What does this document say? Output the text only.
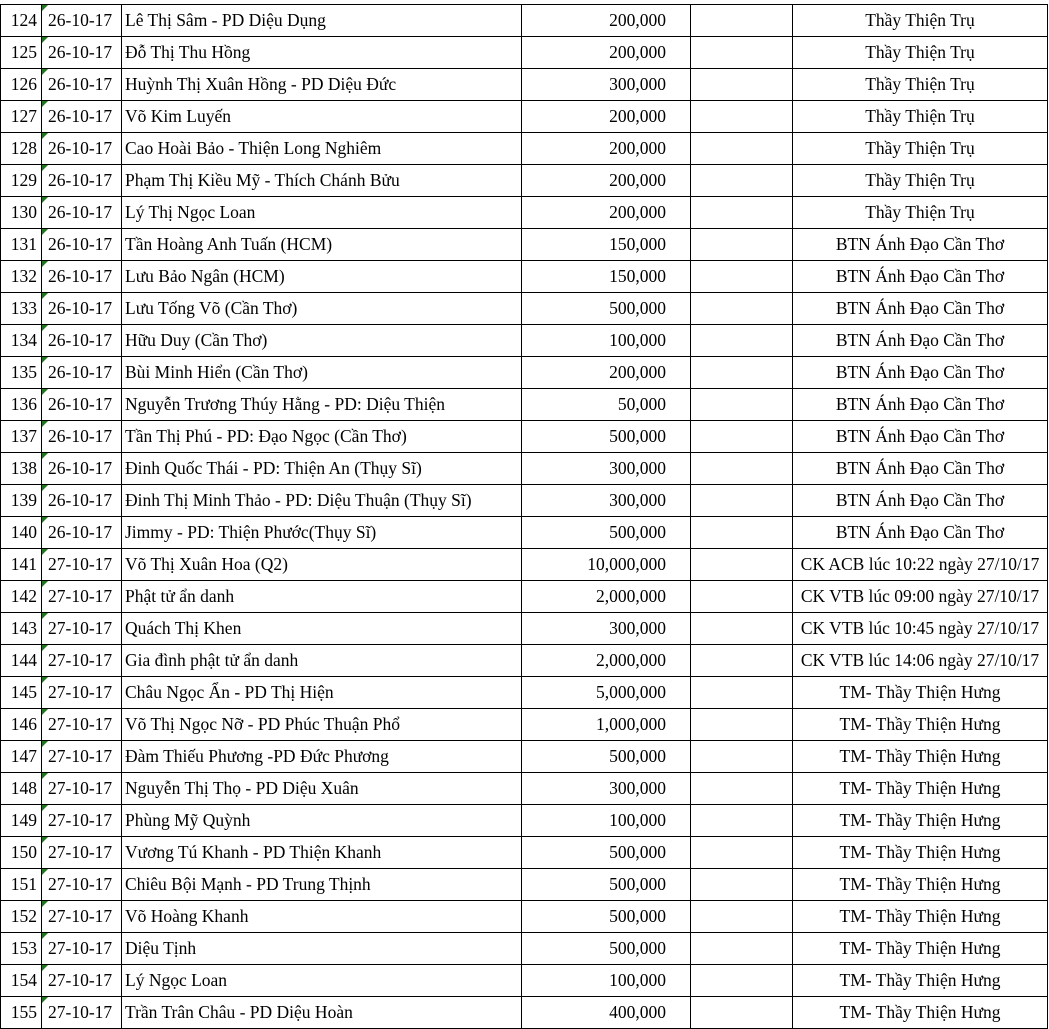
124	26-10-17	Lê Thị Sâm - PD Diệu Dụng	200,000		Thầy Thiện Trụ
125	26-10-17	Đỗ Thị Thu Hồng	200,000		Thầy Thiện Trụ
126	26-10-17	Huỳnh Thị Xuân Hồng - PD Diệu Đức	300,000		Thầy Thiện Trụ
127	26-10-17	Võ Kim Luyến	200,000		Thầy Thiện Trụ
128	26-10-17	Cao Hoài Bảo - Thiện Long Nghiêm	200,000		Thầy Thiện Trụ
129	26-10-17	Phạm Thị Kiều Mỹ - Thích Chánh Bửu	200,000		Thầy Thiện Trụ
130	26-10-17	Lý Thị Ngọc Loan	200,000		Thầy Thiện Trụ
131	26-10-17	Tần Hoàng Anh Tuấn (HCM)	150,000		BTN Ánh Đạo Cần Thơ
132	26-10-17	Lưu Bảo Ngân (HCM)	150,000		BTN Ánh Đạo Cần Thơ
133	26-10-17	Lưu Tống Võ (Cần Thơ)	500,000		BTN Ánh Đạo Cần Thơ
134	26-10-17	Hữu Duy (Cần Thơ)	100,000		BTN Ánh Đạo Cần Thơ
135	26-10-17	Bùi Minh Hiển (Cần Thơ)	200,000		BTN Ánh Đạo Cần Thơ
136	26-10-17	Nguyễn Trương Thúy Hằng - PD: Diệu Thiện	50,000		BTN Ánh Đạo Cần Thơ
137	26-10-17	Tần Thị Phú - PD: Đạo Ngọc (Cần Thơ)	500,000		BTN Ánh Đạo Cần Thơ
138	26-10-17	Đinh Quốc Thái - PD: Thiện An (Thụy Sĩ)	300,000		BTN Ánh Đạo Cần Thơ
139	26-10-17	Đinh Thị Minh Thảo - PD: Diệu Thuận (Thụy Sĩ)	300,000		BTN Ánh Đạo Cần Thơ
140	26-10-17	Jimmy - PD: Thiện Phước(Thụy Sĩ)	500,000		BTN Ánh Đạo Cần Thơ
141	27-10-17	Võ Thị Xuân Hoa (Q2)	10,000,000		CK ACB lúc 10:22 ngày 27/10/17
142	27-10-17	Phật tử ẩn danh	2,000,000		CK VTB lúc 09:00 ngày 27/10/17
143	27-10-17	Quách Thị Khen	300,000		CK VTB lúc 10:45 ngày 27/10/17
144	27-10-17	Gia đình phật tử ẩn danh	2,000,000		CK VTB lúc 14:06 ngày 27/10/17
145	27-10-17	Châu Ngọc Ẩn - PD Thị Hiện	5,000,000		TM- Thầy Thiện Hưng
146	27-10-17	Võ Thị Ngọc Nỡ - PD Phúc Thuận Phổ	1,000,000		TM- Thầy Thiện Hưng
147	27-10-17	Đàm Thiếu Phương -PD Đức Phương	500,000		TM- Thầy Thiện Hưng
148	27-10-17	Nguyễn Thị Thọ - PD Diệu Xuân	300,000		TM- Thầy Thiện Hưng
149	27-10-17	Phùng Mỹ Quỳnh	100,000		TM- Thầy Thiện Hưng
150	27-10-17	Vương Tú Khanh - PD Thiện Khanh	500,000		TM- Thầy Thiện Hưng
151	27-10-17	Chiêu Bội Mạnh - PD Trung Thịnh	500,000		TM- Thầy Thiện Hưng
152	27-10-17	Võ Hoàng Khanh	500,000		TM- Thầy Thiện Hưng
153	27-10-17	Diệu Tịnh	500,000		TM- Thầy Thiện Hưng
154	27-10-17	Lý Ngọc Loan	100,000		TM- Thầy Thiện Hưng
155	27-10-17	Trần Trân Châu - PD Diệu Hoàn	400,000		TM- Thầy Thiện Hưng
